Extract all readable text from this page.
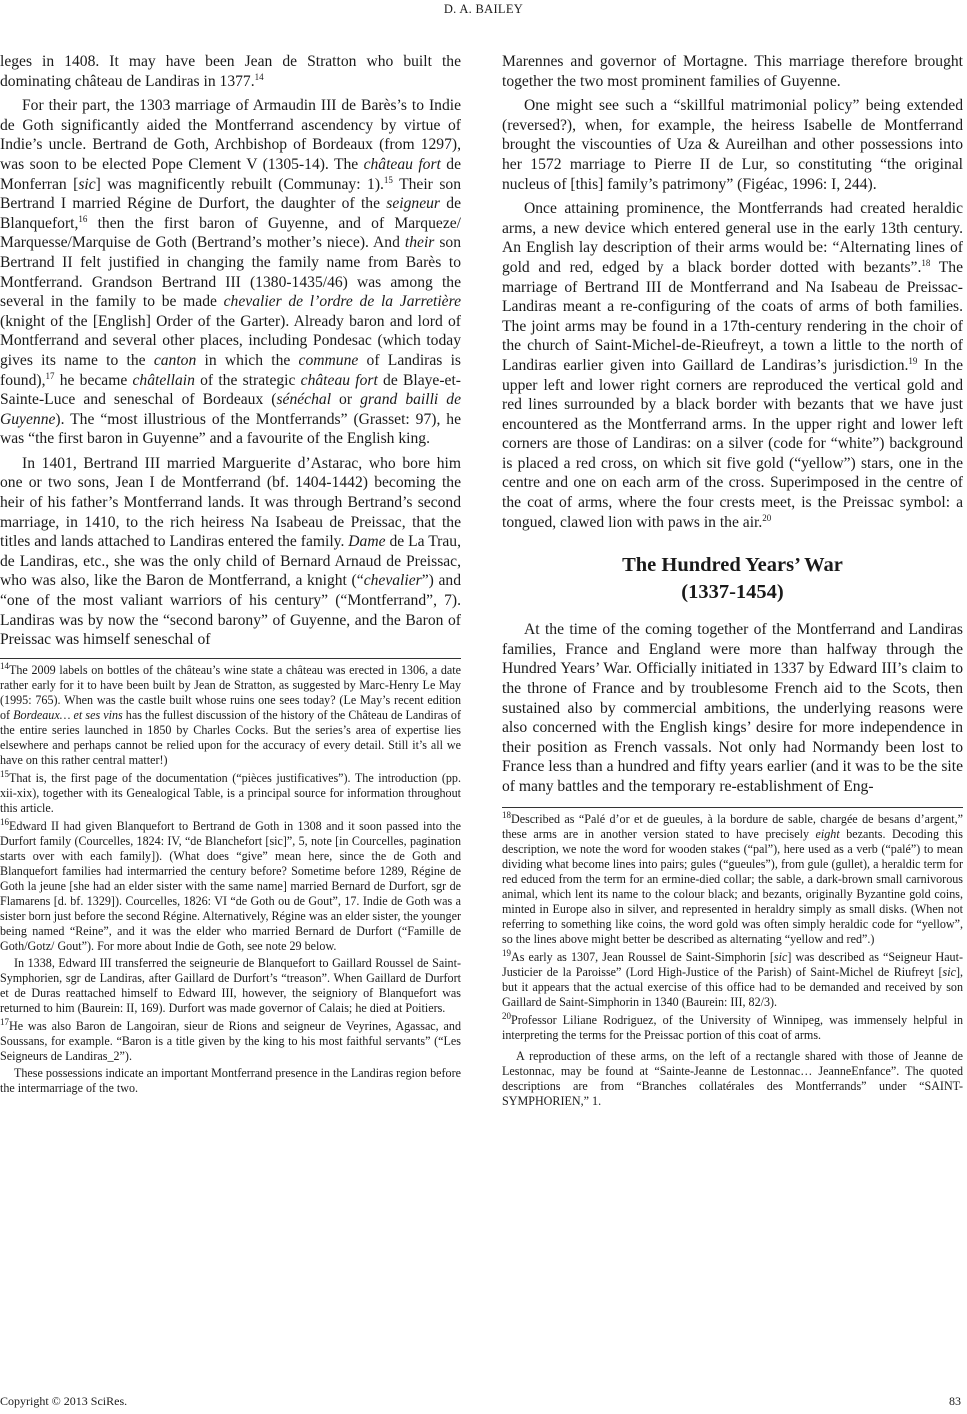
D. A. BAILEY

leges in 1408. It may have been Jean de Stratton who built the dominating château de Landiras in 1377.14

For their part, the 1303 marriage of Armaudin III de Barès’s to Indie de Goth significantly aided the Montferrand ascendency by virtue of Indie’s uncle. Bertrand de Goth, Archbishop of Bordeaux (from 1297), was soon to be elected Pope Clement V (1305-14). The château fort de Monferran [sic] was magnificently rebuilt (Communay: 1).$^{15}$ Their son Bertrand I married Régine de Durfort, the daughter of the seigneur de Blanquefort,$^{16}$ then the first baron of Guyenne, and of Marqueze/ Marquesse/Marquise de Goth (Bertrand’s mother’s niece). And their son Bertrand II felt justified in changing the family name from Barès to Montferrand. Grandson Bertrand III (1380-1435/46) was among the several in the family to be made chevalier de l’ordre de la Jarretière (knight of the [English] Order of the Garter). Already baron and lord of Montferrand and several other places, including Pondesac (which today gives its name to the canton in which the commune of Landiras is found),$^{17}$ he became châtellain of the strategic château fort de Blaye-et-Sainte-Luce and seneschal of Bordeaux (sénéchal or grand bailli de Guyenne). The “most illustrious of the Montferrands” (Grasset: 97), he was “the first baron in Guyenne” and a favourite of the English king.

In 1401, Bertrand III married Marguerite d’Astarac, who bore him one or two sons, Jean I de Montferrand (bf. 1404-1442) becoming the heir of his father’s Montferrand lands. It was through Bertrand’s second marriage, in 1410, to the rich heiress Na Isabeau de Preissac, that the titles and lands attached to Landiras entered the family. Dame de La Trau, de Landiras, etc., she was the only child of Bernard Arnaud de Preissac, who was also, like the Baron de Montferrand, a knight (“chevalier”) and “one of the most valiant warriors of his century” (“Montferrand”, 7). Landiras was by now the “second barony” of Guyenne, and the Baron of Preissac was himself seneschal of

$^{14}$The 2009 labels on bottles of the château’s wine state a château was erected in 1306, a date rather early for it to have been built by Jean de Stratton, as suggested by Marc-Henry Le May (1995: 765). When was the castle built whose ruins one sees today? (Le May’s recent edition of Bordeaux… et ses vins has the fullest discussion of the history of the Château de Landiras of the entire series launched in 1850 by Charles Cocks. But the series’s area of expertise lies elsewhere and perhaps cannot be relied upon for the accuracy of every detail. Still it’s all we have on this rather central matter!)

$^{15}$That is, the first page of the documentation (“pièces justificatives”). The introduction (pp. xii-xix), together with its Genealogical Table, is a principal source for information throughout this article.

$^{16}$Edward II had given Blanquefort to Bertrand de Goth in 1308 and it soon passed into the Durfort family (Courcelles, 1824: IV, “de Blanchefort [sic]”, 5, note [in Courcelles, pagination starts over with each family]). (What does “give” mean here, since the de Goth and Blanquefort families had intermarried the century before? Sometime before 1289, Régine de Goth la jeune [she had an elder sister with the same name] married Bernard de Durfort, sgr de Flamarens [d. bf. 1329]). Courcelles, 1826: VI “de Goth ou de Gout”, 17. Indie de Goth was a sister born just before the second Régine. Alternatively, Régine was an elder sister, the younger being named “Reine”, and it was the elder who married Bernard de Durfort (“Famille de Goth/Gotz/ Gout”). For more about Indie de Goth, see note 29 below.

In 1338, Edward III transferred the seigneurie de Blanquefort to Gaillard Roussel de Saint-Symphorien, sgr de Landiras, after Gaillard de Durfort’s “treason”. When Gaillard de Durfort et de Duras reattached himself to Edward III, however, the seigniory of Blanquefort was returned to him (Baurein: II, 169). Durfort was made governor of Calais; he died at Poitiers.

$^{17}$He was also Baron de Langoiran, sieur de Rions and seigneur de Veyrines, Agassac, and Soussans, for example. “Baron is a title given by the king to his most faithful servants” (“Les Seigneurs de Landiras_2”).

These possessions indicate an important Montferrand presence in the Landiras region before the intermarriage of the two.

Marennes and governor of Mortagne. This marriage therefore brought together the two most prominent families of Guyenne.

One might see such a “skillful matrimonial policy” being extended (reversed?), when, for example, the heiress Isabelle de Montferrand brought the viscounties of Uza & Aureilhan and other possessions into her 1572 marriage to Pierre II de Lur, so constituting “the original nucleus of [this] family’s patrimony” (Figéac, 1996: I, 244).

Once attaining prominence, the Montferrands had created heraldic arms, a new device which entered general use in the early 13th century. An English lay description of their arms would be: “Alternating lines of gold and red, edged by a black border dotted with bezants”.$^{18}$ The marriage of Bertrand III de Montferrand and Na Isabeau de Preissac-Landiras meant a re-configuring of the coats of arms of both families. The joint arms may be found in a 17th-century rendering in the choir of the church of Saint-Michel-de-Rieufreyt, a town a little to the north of Landiras earlier given into Gaillard de Landiras’s jurisdiction.$^{19}$ In the upper left and lower right corners are reproduced the vertical gold and red lines surrounded by a black border with bezants that we have just encountered as the Montferrand arms. In the upper right and lower left corners are those of Landiras: on a silver (code for “white”) background is placed a red cross, on which sit five gold (“yellow”) stars, one in the centre and one on each arm of the cross. Superimposed in the centre of the coat of arms, where the four crests meet, is the Preissac symbol: a tongued, clawed lion with paws in the air.$^{20}$

The Hundred Years’ War
(1337-1454)

At the time of the coming together of the Montferrand and Landiras families, France and England were more than halfway through the Hundred Years’ War. Officially initiated in 1337 by Edward III’s claim to the throne of France and by troublesome French aid to the Scots, then sustained also by commercial ambitions, the underlying reasons were also concerned with the English kings’ desire for more independence in their position as French vassals. Not only had Normandy been lost to France less than a hundred and fifty years earlier (and it was to be the site of many battles and the temporary re-establishment of Eng-

$^{18}$Described as “Palé d’or et de gueules, à la bordure de sable, chargée de besans d’argent,” these arms are in another version stated to have precisely eight bezants. Decoding this description, we note the word for wooden stakes (“pal”), here used as a verb (“palé”) to mean dividing what become lines into pairs; gules (“gueules”), from gule (gullet), a heraldic term for red educed from the term for an ermine-died collar; the sable, a dark-brown small carnivorous animal, which lent its name to the colour black; and bezants, originally Byzantine gold coins, minted in Europe also in silver, and represented in heraldry simply as small disks. (When not referring to something like coins, the word gold was often simply heraldic code for “yellow”, so the lines above might better be described as alternating “yellow and red”.)

$^{19}$As early as 1307, Jean Roussel de Saint-Simphorin [sic] was described as “Seigneur Haut-Justicier de la Paroisse” (Lord High-Justice of the Parish) of Saint-Michel de Riufreyt [sic], but it appears that the actual exercise of this office had to be demanded and received by son Gaillard de Saint-Simphorin in 1340 (Baurein: III, 82/3).

$^{20}$Professor Liliane Rodriguez, of the University of Winnipeg, was immensely helpful in interpreting the terms for the Preissac portion of this coat of arms.

A reproduction of these arms, on the left of a rectangle shared with those of Jeanne de Lestonnac, may be found at “Sainte-Jeanne de Lestonnac… JeanneEnfance”. The quoted descriptions are from “Branches collatérales des Montferrands” under “SAINT-SYMPHORIEN,” 1.

Copyright © 2013 SciRes.	83
